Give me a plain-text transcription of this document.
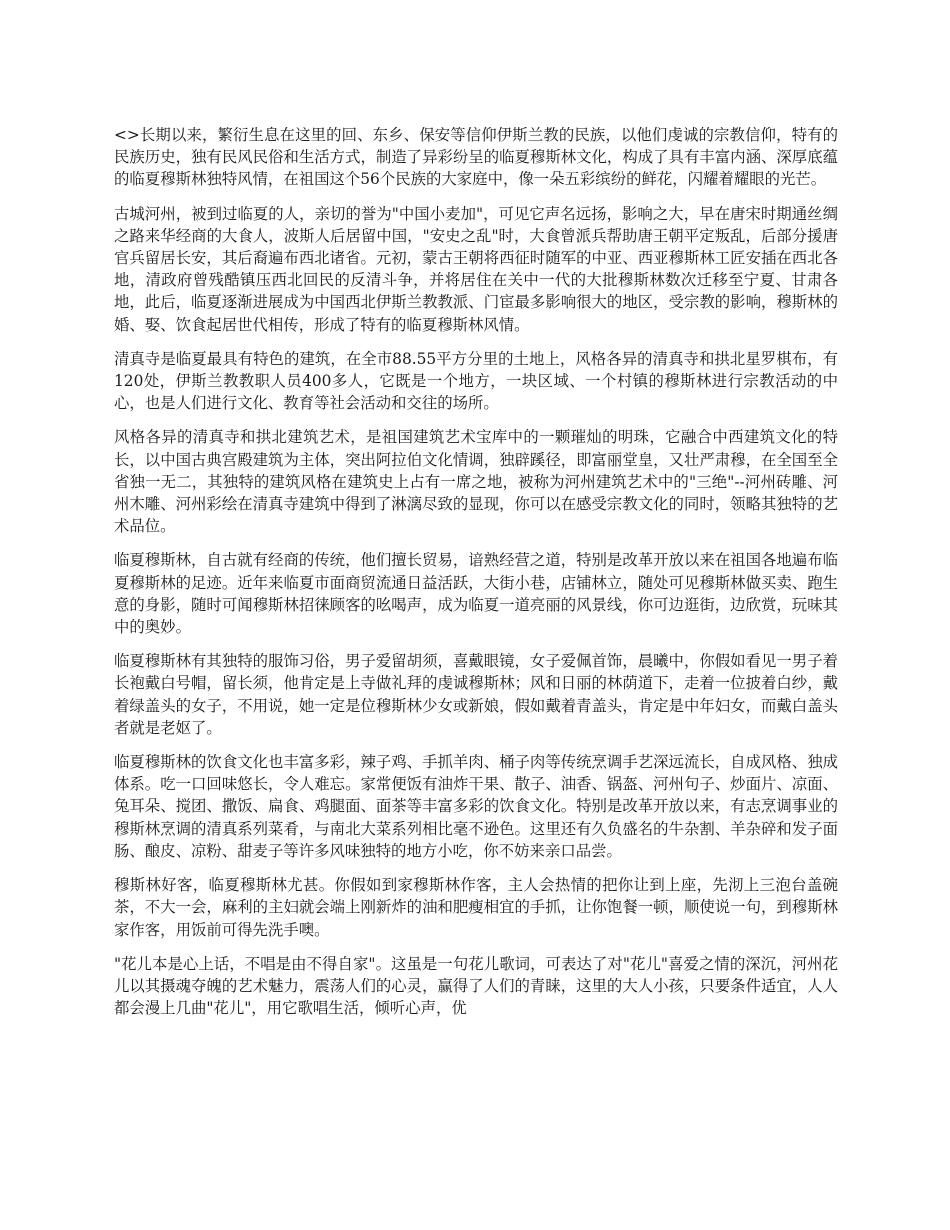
<>长期以来，繁衍生息在这里的回、东乡、保安等信仰伊斯兰教的民族，以他们虔诚的宗教信仰，特有的民族历史，独有民风民俗和生活方式，制造了异彩纷呈的临夏穆斯林文化，构成了具有丰富内涵、深厚底蕴的临夏穆斯林独特风情，在祖国这个56个民族的大家庭中，像一朵五彩缤纷的鲜花，闪耀着耀眼的光芒。

古城河州，被到过临夏的人，亲切的誉为"中国小麦加"，可见它声名远扬，影响之大，早在唐宋时期通丝绸之路来华经商的大食人，波斯人后居留中国，"安史之乱"时，大食曾派兵帮助唐王朝平定叛乱，后部分援唐官兵留居长安，其后裔遍布西北诸省。元初，蒙古王朝将西征时随军的中亚、西亚穆斯林工匠安插在西北各地，清政府曾残酷镇压西北回民的反清斗争，并将居住在关中一代的大批穆斯林数次迁移至宁夏、甘肃各地，此后，临夏逐渐进展成为中国西北伊斯兰教教派、门宦最多影响很大的地区，受宗教的影响，穆斯林的婚、娶、饮食起居世代相传，形成了特有的临夏穆斯林风情。

清真寺是临夏最具有特色的建筑，在全市88.55平方分里的土地上，风格各异的清真寺和拱北星罗棋布，有120处，伊斯兰教教职人员400多人，它既是一个地方，一块区域、一个村镇的穆斯林进行宗教活动的中心，也是人们进行文化、教育等社会活动和交往的场所。

风格各异的清真寺和拱北建筑艺术，是祖国建筑艺术宝库中的一颗璀灿的明珠，它融合中西建筑文化的特长，以中国古典宫殿建筑为主体，突出阿拉伯文化情调，独辟蹊径，即富丽堂皇，又壮严肃穆，在全国至全省独一无二，其独特的建筑风格在建筑史上占有一席之地，被称为河州建筑艺术中的"三绝"--河州砖雕、河州木雕、河州彩绘在清真寺建筑中得到了淋漓尽致的显现，你可以在感受宗教文化的同时，领略其独特的艺术品位。

临夏穆斯林，自古就有经商的传统，他们擅长贸易，谙熟经营之道，特别是改革开放以来在祖国各地遍布临夏穆斯林的足迹。近年来临夏市面商贸流通日益活跃，大街小巷，店铺林立，随处可见穆斯林做买卖、跑生意的身影，随时可闻穆斯林招徕顾客的吆喝声，成为临夏一道亮丽的风景线，你可边逛街，边欣赏，玩味其中的奥妙。

临夏穆斯林有其独特的服饰习俗，男子爱留胡须，喜戴眼镜，女子爱佩首饰，晨曦中，你假如看见一男子着长袍戴白号帽，留长须，他肯定是上寺做礼拜的虔诚穆斯林；风和日丽的林荫道下，走着一位披着白纱，戴着绿盖头的女子，不用说，她一定是位穆斯林少女或新娘，假如戴着青盖头，肯定是中年妇女，而戴白盖头者就是老妪了。

临夏穆斯林的饮食文化也丰富多彩，辣子鸡、手抓羊肉、桶子肉等传统烹调手艺深远流长，自成风格、独成体系。吃一口回味悠长，令人难忘。家常便饭有油炸干果、散子、油香、锅盔、河州句子、炒面片、凉面、兔耳朵、搅团、撒饭、扁食、鸡腿面、面茶等丰富多彩的饮食文化。特别是改革开放以来，有志烹调事业的穆斯林烹调的清真系列菜肴，与南北大菜系列相比毫不逊色。这里还有久负盛名的牛杂割、羊杂碎和发子面肠、酿皮、凉粉、甜麦子等许多风味独特的地方小吃，你不妨来亲口品尝。

穆斯林好客，临夏穆斯林尤甚。你假如到家穆斯林作客，主人会热情的把你让到上座，先沏上三泡台盖碗茶，不大一会，麻利的主妇就会端上刚新炸的油和肥瘦相宜的手抓，让你饱餐一顿，顺使说一句，到穆斯林家作客，用饭前可得先洗手噢。

"花儿本是心上话，不唱是由不得自家"。这虽是一句花儿歌词，可表达了对"花儿"喜爱之情的深沉，河州花儿以其摄魂夺魄的艺术魅力，震荡人们的心灵，赢得了人们的青睐，这里的大人小孩，只要条件适宜，人人都会漫上几曲"花儿"，用它歌唱生活，倾听心声，优
